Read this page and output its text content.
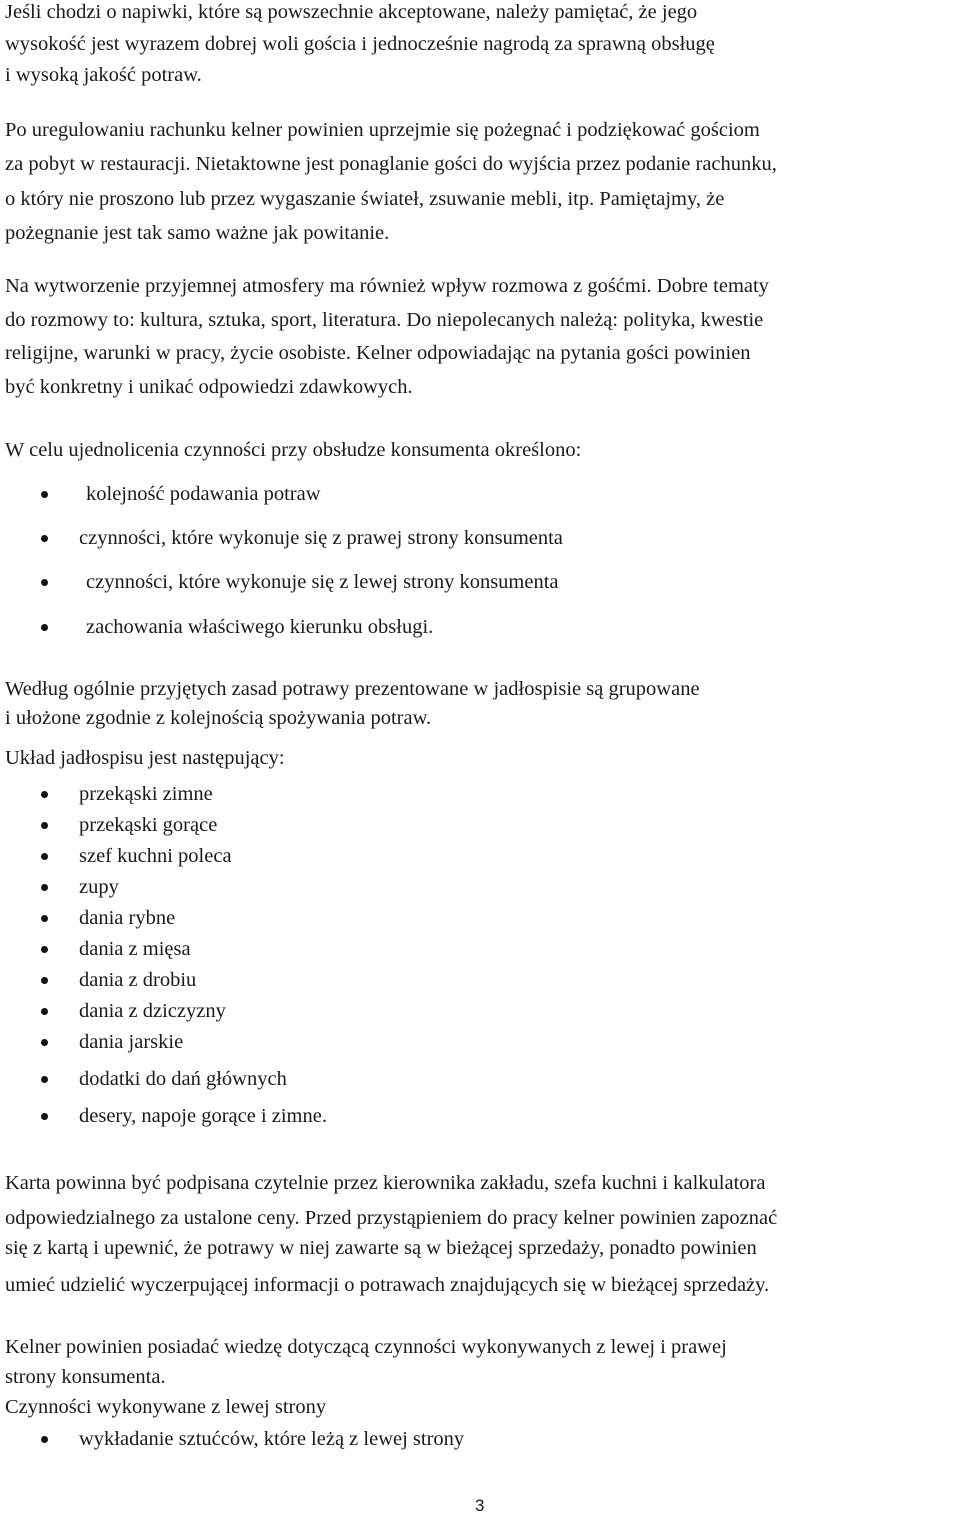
Jeśli chodzi o napiwki, które są powszechnie akceptowane, należy pamiętać, że jego
wysokość jest wyrazem dobrej woli gościa i jednocześnie nagrodą za sprawną obsługę
i wysoką jakość potraw.
Po uregulowaniu rachunku kelner powinien uprzejmie się pożegnać i podziękować gościom
za pobyt w restauracji. Nietaktowne jest ponaglanie gości do wyjścia przez podanie rachunku,
o który nie proszono lub przez wygaszanie świateł, zsuwanie mebli, itp. Pamiętajmy, że
pożegnanie jest tak samo ważne jak powitanie.
Na wytworzenie przyjemnej atmosfery ma również wpływ rozmowa z gośćmi. Dobre tematy
do rozmowy to: kultura, sztuka, sport, literatura. Do niepolecanych należą: polityka, kwestie
religijne, warunki w pracy, życie osobiste. Kelner odpowiadając na pytania gości powinien
być konkretny i unikać odpowiedzi zdawkowych.
W celu ujednolicenia czynności przy obsłudze konsumenta określono:
kolejność podawania potraw
czynności, które wykonuje się z prawej strony konsumenta
czynności, które wykonuje się z lewej strony konsumenta
zachowania właściwego kierunku obsługi.
Według ogólnie przyjętych zasad potrawy prezentowane w jadłospisie są grupowane
i ułożone zgodnie z kolejnością spożywania potraw.
Układ jadłospisu jest następujący:
przekąski zimne
przekąski gorące
szef kuchni poleca
zupy
dania rybne
dania z mięsa
dania z drobiu
dania z dziczyzny
dania jarskie
dodatki do dań głównych
desery, napoje gorące i zimne.
Karta powinna być podpisana czytelnie przez kierownika zakładu, szefa kuchni i kalkulatora
odpowiedzialnego za ustalone ceny. Przed przystąpieniem do pracy kelner powinien zapoznać
się z kartą i upewnić, że potrawy w niej zawarte są w bieżącej sprzedaży, ponadto powinien
umieć udzielić wyczerpującej informacji o potrawach znajdujących się w bieżącej sprzedaży.
Kelner powinien posiadać wiedzę dotyczącą czynności wykonywanych z lewej i prawej
strony konsumenta.
Czynności wykonywane z lewej strony
wykładanie sztućców, które leżą z lewej strony
3
